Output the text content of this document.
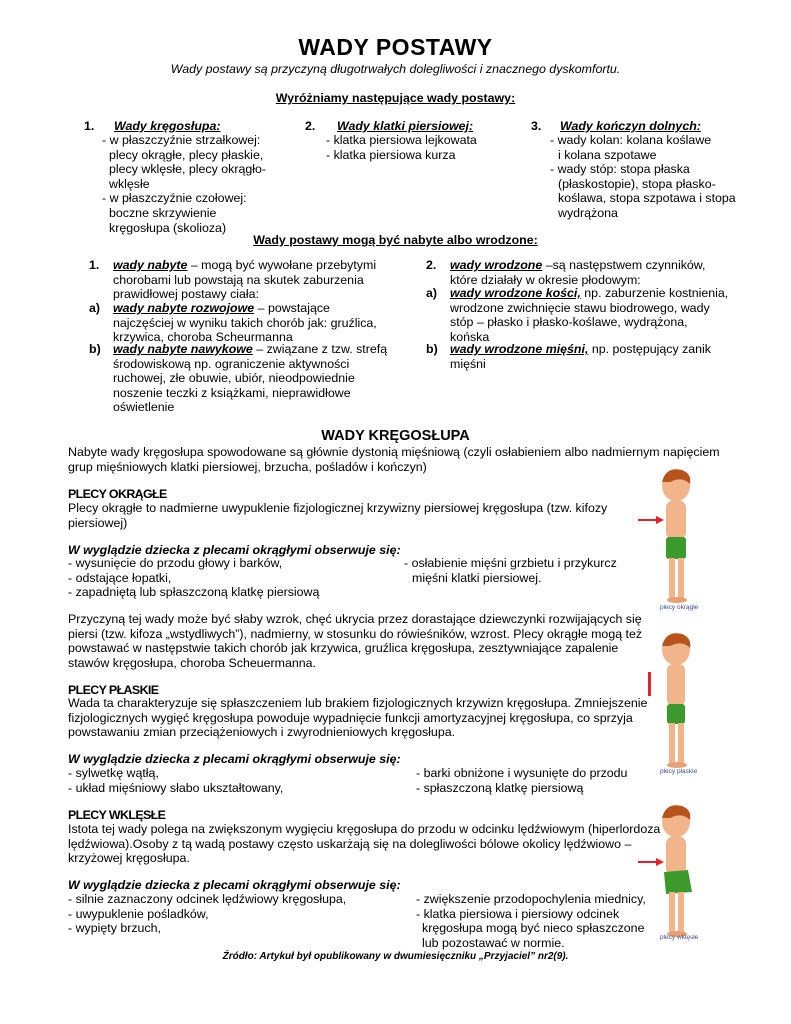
WADY POSTAWY
Wady postawy są przyczyną długotrwałych dolegliwości i znacznego dyskomfortu.
Wyróżniamy następujące wady postawy:
1. Wady kręgosłupa:
- w płaszczyźnie strzałkowej:
plecy okrągłe, plecy płaskie,
plecy wklęsłe, plecy okrągło-
wklęsłe
- w płaszczyźnie czołowej:
boczne skrzywienie
kręgosłupa (skolioza)
2. Wady klatki piersiowej:
- klatka piersiowa lejkowata
- klatka piersiowa kurza
3. Wady kończyn dolnych:
- wady kolan: kolana koślawe
i kolana szpotawe
- wady stóp: stopa płaska
(płaskostopie), stopa płasko-
koślawa, stopa szpotawa i stopa
wydrążona
Wady postawy mogą być nabyte albo wrodzone:
1. wady nabyte – mogą być wywołane przebytymi
chorobami lub powstają na skutek zaburzenia
prawidłowej postawy ciała:
a) wady nabyte rozwojowe – powstające
najczęściej w wyniku takich chorób jak: gruźlica,
krzywica, choroba Scheurmanna
b) wady nabyte nawykowe – związane z tzw. strefą
środowiskową np. ograniczenie aktywności
ruchowej, złe obuwie, ubiór, nieodpowiednie
noszenie teczki z książkami, nieprawidłowe
oświetlenie
2. wady wrodzone –są następstwem czynników,
które działały w okresie płodowym:
a) wady wrodzone kości, np. zaburzenie kostnienia,
wrodzone zwichnięcie stawu biodrowego, wady
stóp – płasko i płasko-koślawe, wydrążona,
końska
b) wady wrodzone mięśni, np. postępujący zanik
mięśni
WADY KRĘGOSŁUPA
Nabyte wady kręgosłupa spowodowane są głównie dystonią mięśniową (czyli osłabieniem albo nadmiernym napięciem
grup mięśniowych klatki piersiowej, brzucha, pośladów i kończyn)
PLECY OKRĄGŁE
Plecy okrągłe to nadmierne uwypuklenie fizjologicznej krzywizny piersiowej kręgosłupa (tzw. kifozy
piersiowej)
W wyglądzie dziecka z plecami okrągłymi obserwuje się:
- wysunięcie do przodu głowy i barków,
- odstające łopatki,
- zapadniętą lub spłaszczoną klatkę piersiową
- osłabienie mięśni grzbietu i przykurcz
mięśni klatki piersiowej.
Przyczyną tej wady może być słaby wzrok, chęć ukrycia przez dorastające dziewczynki rozwijających się
piersi (tzw. kifoza „wstydliwych”), nadmierny, w stosunku do rówieśników, wzrost. Plecy okrągłe mogą też
powstawać w następstwie takich chorób jak krzywica, gruźlica kręgosłupa, zesztywniające zapalenie
stawów kręgosłupa, choroba Scheuermanna.
PLECY PŁASKIE
Wada ta charakteryzuje się spłaszczeniem lub brakiem fizjologicznych krzywizn kręgosłupa. Zmniejszenie
fizjologicznych wygięć kręgosłupa powoduje wypadnięcie funkcji amortyzacyjnej kręgosłupa, co sprzyja
powstawaniu zmian przeciążeniowych i zwyrodnieniowych kręgosłupa.
W wyglądzie dziecka z plecami okrągłymi obserwuje się:
- sylwetkę wątłą,
- układ mięśniowy słabo ukształtowany,
- barki obniżone i wysunięte do przodu
- spłaszczoną klatkę piersiową
PLECY WKLĘSŁE
Istota tej wady polega na zwiększonym wygięciu kręgosłupa do przodu w odcinku lędźwiowym (hiperlordoza
lędźwiowa).Osoby z tą wadą postawy często uskarżają się na dolegliwości bólowe okolicy lędźwiowo –
krzyżowej kręgosłupa.
W wyglądzie dziecka z plecami okrągłymi obserwuje się:
- silnie zaznaczony odcinek lędźwiowy kręgosłupa,
- uwypuklenie pośladków,
- wypięty brzuch,
- zwiększenie przodopochylenia miednicy,
- klatka piersiowa i piersiowy odcinek
kręgosłupa mogą być nieco spłaszczone
lub pozostawać w normie.
Źródło: Artykuł był opublikowany w dwumiesięczniku „Przyjaciel” nr2(9).
plecy okrągłe
plecy płaskie
plecy wklęsłe
